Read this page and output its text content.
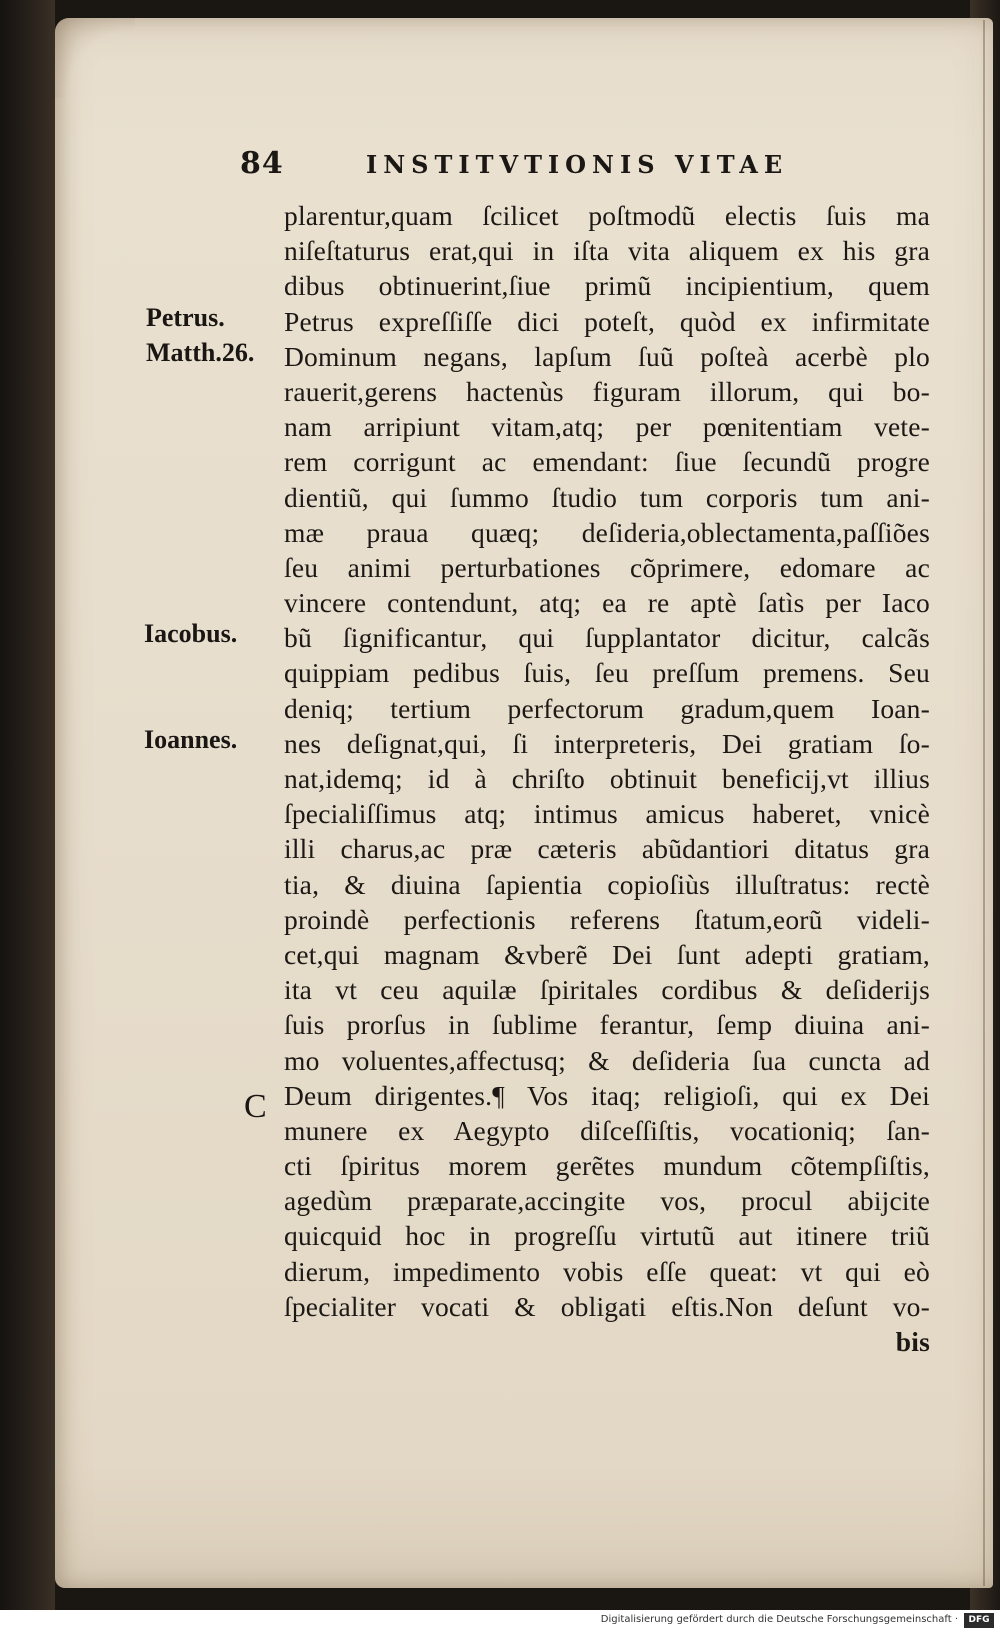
84	INSTITVTIONIS VITAE
Petrus.
Matth.26.
Iacobus.
Ioannes.
C
plarentur,quam ſcilicet poſtmodũ electis ſuis ma
niſeſtaturus erat,qui in iſta vita aliquem ex his gra
dibus obtinuerint,ſiue primũ incipientium, quem
Petrus expreſſiſſe dici poteſt, quòd ex infirmitate
Dominum negans, lapſum ſuũ poſteà acerbè plo
rauerit,gerens hactenùs figuram illorum, qui bo-
nam arripiunt vitam,atq; per pœnitentiam vete-
rem corrigunt ac emendant: ſiue ſecundũ progre
dientiũ, qui ſummo ſtudio tum corporis tum ani-
mæ praua quæq; deſideria,oblectamenta,paſſiões
ſeu animi perturbationes cõprimere, edomare ac
vincere contendunt, atq; ea re aptè ſatìs per Iaco
bũ ſignificantur, qui ſupplantator dicitur, calcãs
quippiam pedibus ſuis, ſeu preſſum premens. Seu
deniq; tertium perfectorum gradum,quem Ioan-
nes deſignat,qui, ſi interpreteris, Dei gratiam ſo-
nat,idemq; id à chriſto obtinuit beneficij,vt illius
ſpecialiſſimus atq; intimus amicus haberet, vnicè
illi charus,ac præ cæteris abũdantiori ditatus gra
tia, & diuina ſapientia copioſiùs illuſtratus: rectè
proindè perfectionis referens ſtatum,eorũ videli-
cet,qui magnam &vberẽ Dei ſunt adepti gratiam,
ita vt ceu aquilæ ſpiritales cordibus & deſiderijs
ſuis prorſus in ſublime ferantur, ſemp diuina ani-
mo voluentes,affectusq; & deſideria ſua cuncta ad
Deum dirigentes.¶ Vos itaq; religioſi, qui ex Dei
munere ex Aegypto diſceſſiſtis, vocationiq; ſan-
cti ſpiritus morem gerẽtes mundum cõtempſiſtis,
agedùm præparate,accingite vos, procul abijcite
quicquid hoc in progreſſu virtutũ aut itinere triũ
dierum, impedimento vobis eſſe queat: vt qui eò
ſpecialiter vocati & obligati eſtis.Non deſunt vo-
bis
Digitalisierung gefördert durch die Deutsche Forschungsgemeinschaft ·	DFG
